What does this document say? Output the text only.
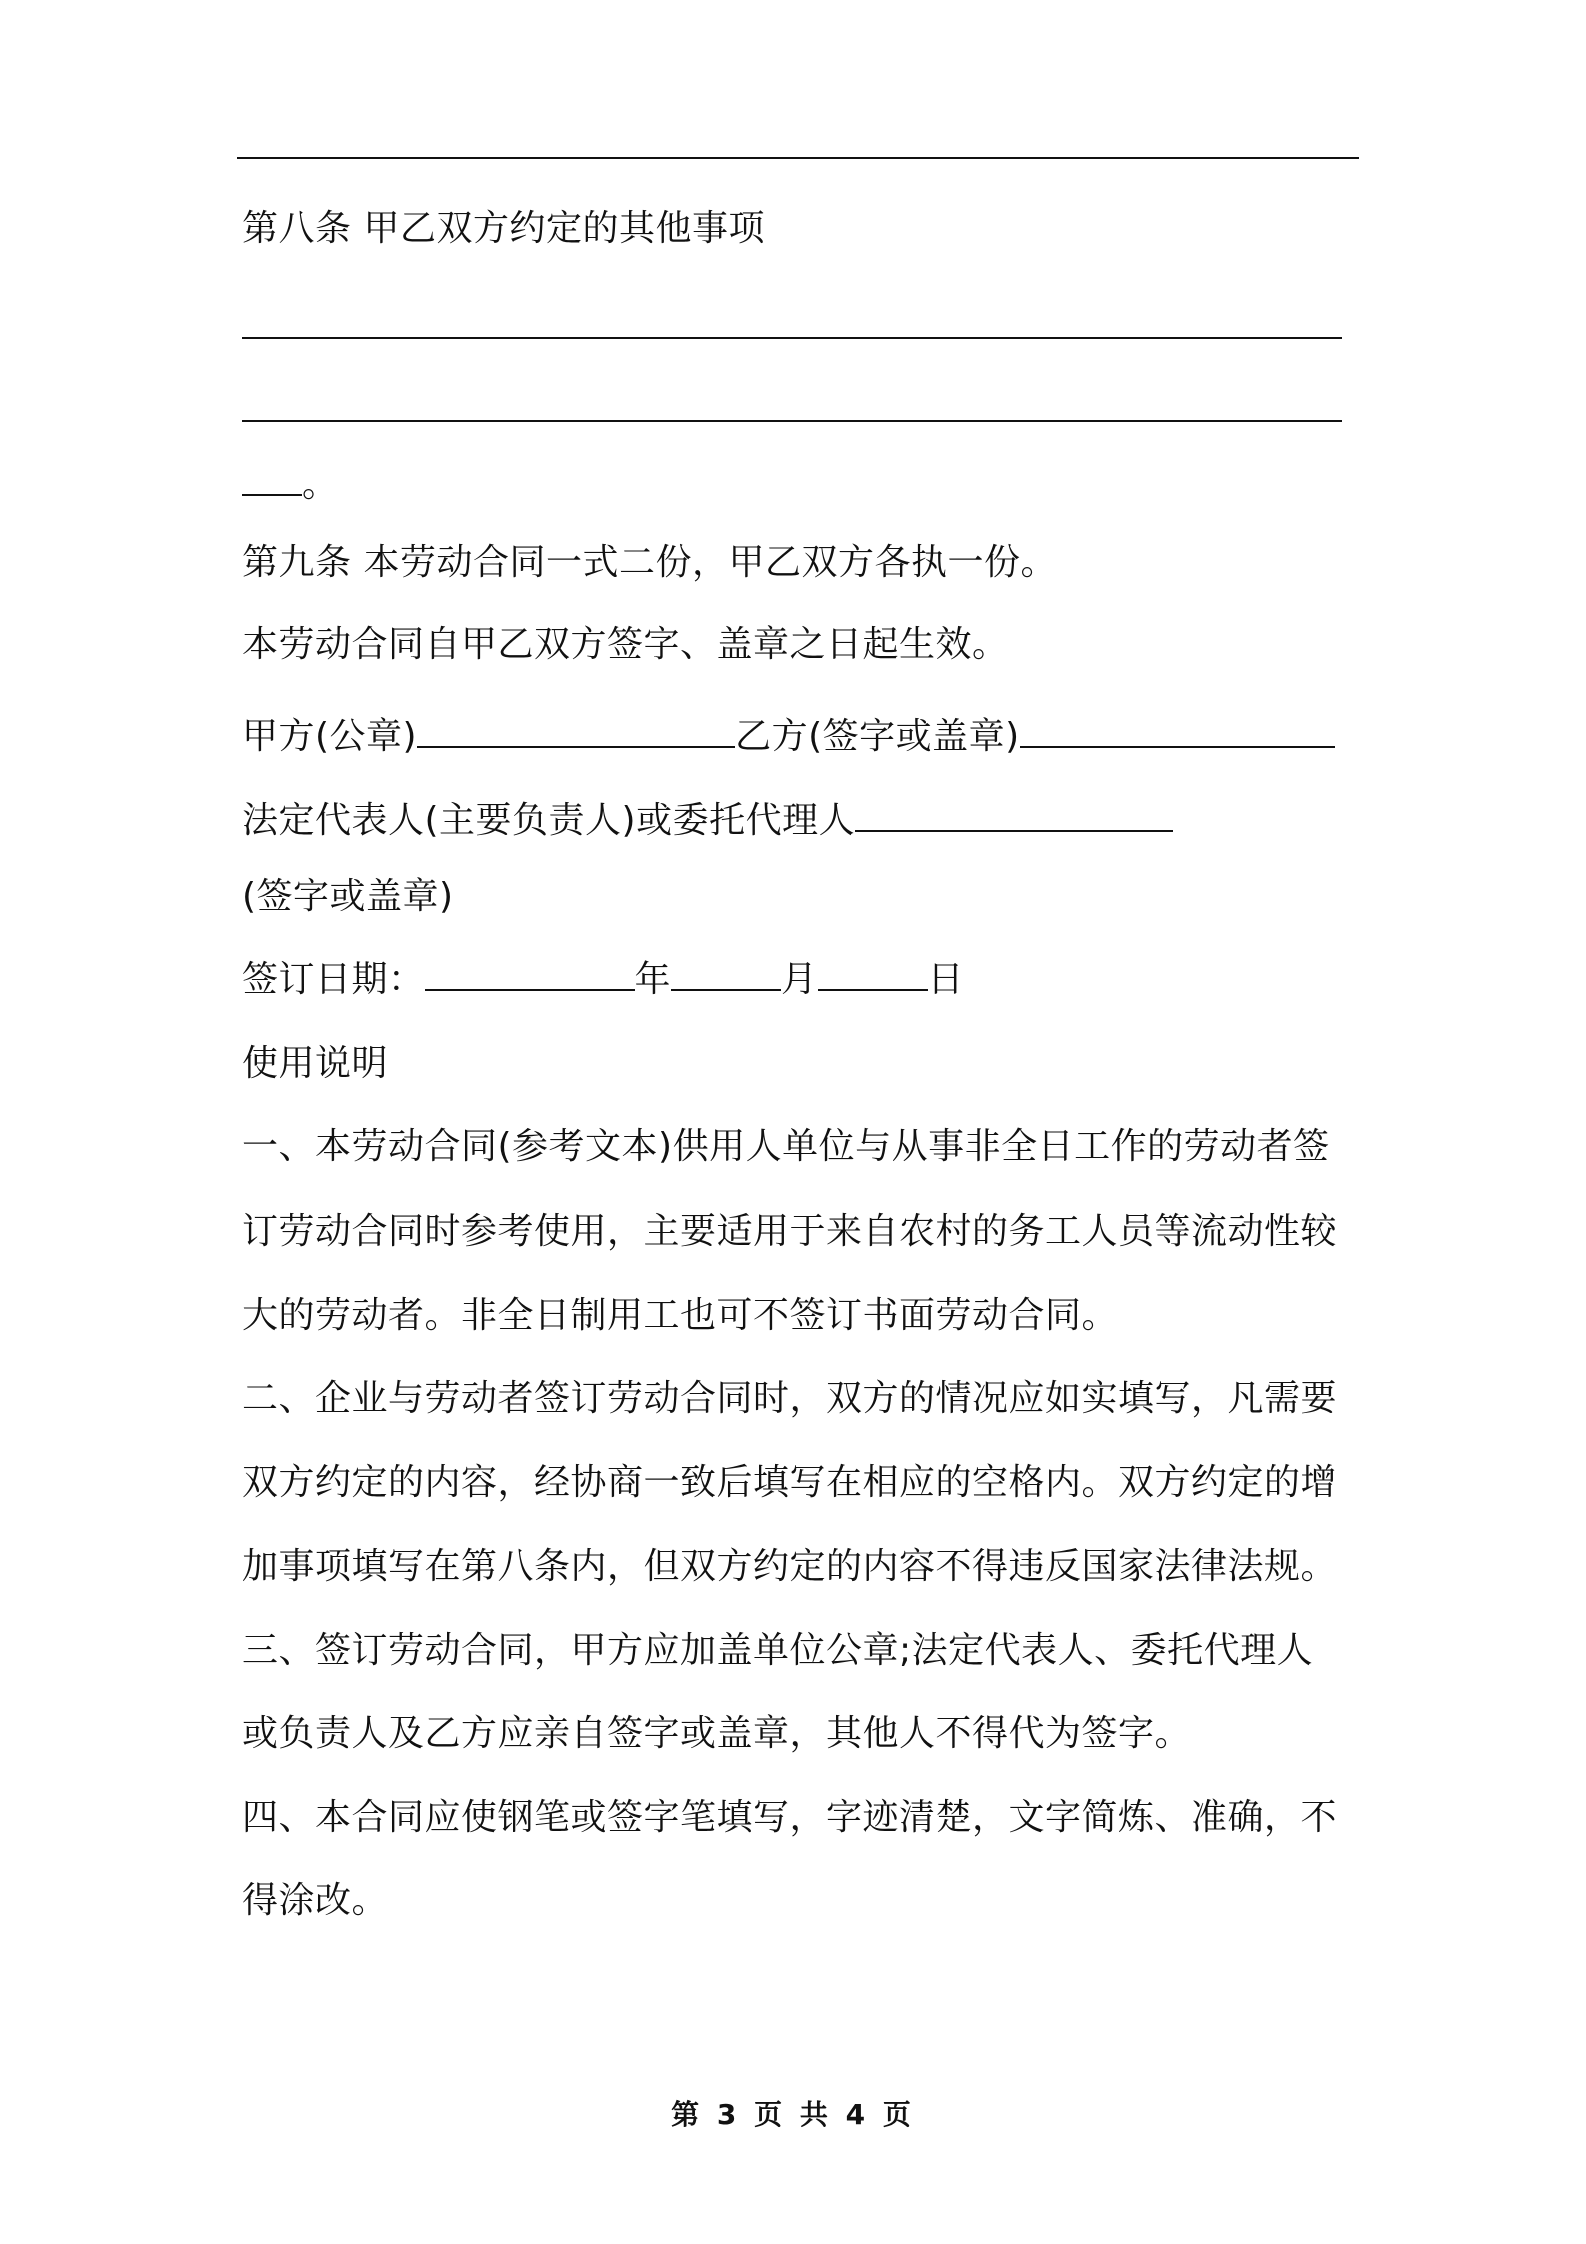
第八条 甲乙双方约定的其他事项
。
第九条 本劳动合同一式二份，甲乙双方各执一份。
本劳动合同自甲乙双方签字、盖章之日起生效。
甲方(公章)	乙方(签字或盖章)
法定代表人(主要负责人)或委托代理人
(签字或盖章)
签订日期：	年	月	日
使用说明
一、本劳动合同(参考文本)供用人单位与从事非全日工作的劳动者签
订劳动合同时参考使用，主要适用于来自农村的务工人员等流动性较
大的劳动者。非全日制用工也可不签订书面劳动合同。
二、企业与劳动者签订劳动合同时，双方的情况应如实填写，凡需要
双方约定的内容，经协商一致后填写在相应的空格内。双方约定的增
加事项填写在第八条内，但双方约定的内容不得违反国家法律法规。
三、签订劳动合同，甲方应加盖单位公章;法定代表人、委托代理人
或负责人及乙方应亲自签字或盖章，其他人不得代为签字。
四、本合同应使钢笔或签字笔填写，字迹清楚，文字简炼、准确，不
得涂改。
第 3 页 共 4 页
